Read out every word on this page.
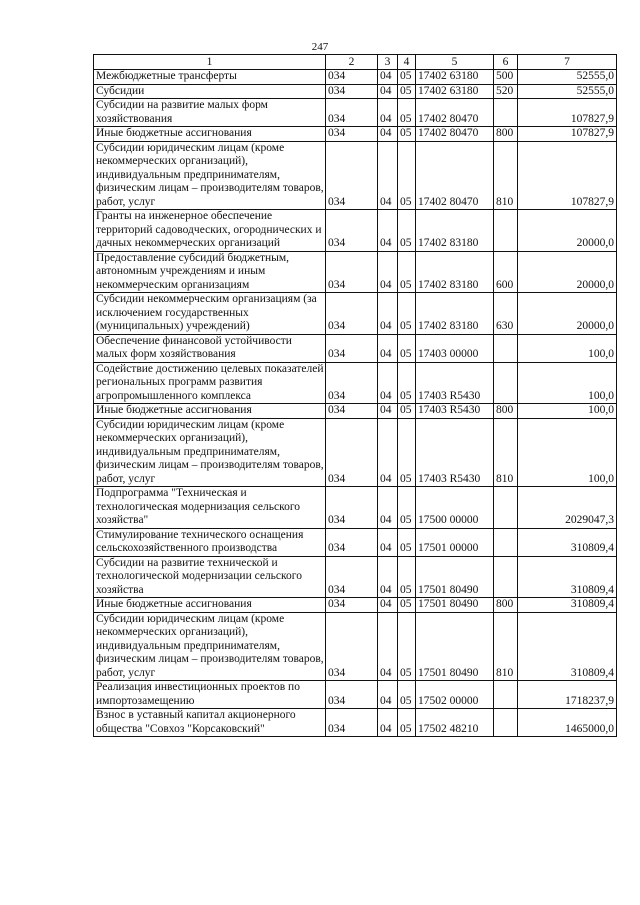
247
1	2	3	4	5	6	7
Межбюджетные трансферты	034	04	05	17402 63180	500	52555,0
Субсидии	034	04	05	17402 63180	520	52555,0
Субсидии на развитие малых форм хозяйствования	034	04	05	17402 80470		107827,9
Иные бюджетные ассигнования	034	04	05	17402 80470	800	107827,9
Субсидии юридическим лицам (кроме некоммерческих организаций), индивидуальным предпринимателям, физическим лицам – производителям товаров, работ, услуг	034	04	05	17402 80470	810	107827,9
Гранты на инженерное обеспечение территорий садоводческих, огороднических и дачных некоммерческих организаций	034	04	05	17402 83180		20000,0
Предоставление субсидий бюджетным, автономным учреждениям и иным некоммерческим организациям	034	04	05	17402 83180	600	20000,0
Субсидии некоммерческим организациям (за исключением государственных (муниципальных) учреждений)	034	04	05	17402 83180	630	20000,0
Обеспечение финансовой устойчивости малых форм хозяйствования	034	04	05	17403 00000		100,0
Содействие достижению целевых показателей региональных программ развития агропромышленного комплекса	034	04	05	17403 R5430		100,0
Иные бюджетные ассигнования	034	04	05	17403 R5430	800	100,0
Субсидии юридическим лицам (кроме некоммерческих организаций), индивидуальным предпринимателям, физическим лицам – производителям товаров, работ, услуг	034	04	05	17403 R5430	810	100,0
Подпрограмма "Техническая и технологическая модернизация сельского хозяйства"	034	04	05	17500 00000		2029047,3
Стимулирование технического оснащения сельскохозяйственного производства	034	04	05	17501 00000		310809,4
Субсидии на развитие технической и технологической модернизации сельского хозяйства	034	04	05	17501 80490		310809,4
Иные бюджетные ассигнования	034	04	05	17501 80490	800	310809,4
Субсидии юридическим лицам (кроме некоммерческих организаций), индивидуальным предпринимателям, физическим лицам – производителям товаров, работ, услуг	034	04	05	17501 80490	810	310809,4
Реализация инвестиционных проектов по импортозамещению	034	04	05	17502 00000		1718237,9
Взнос в уставный капитал акционерного общества "Совхоз "Корсаковский"	034	04	05	17502 48210		1465000,0
